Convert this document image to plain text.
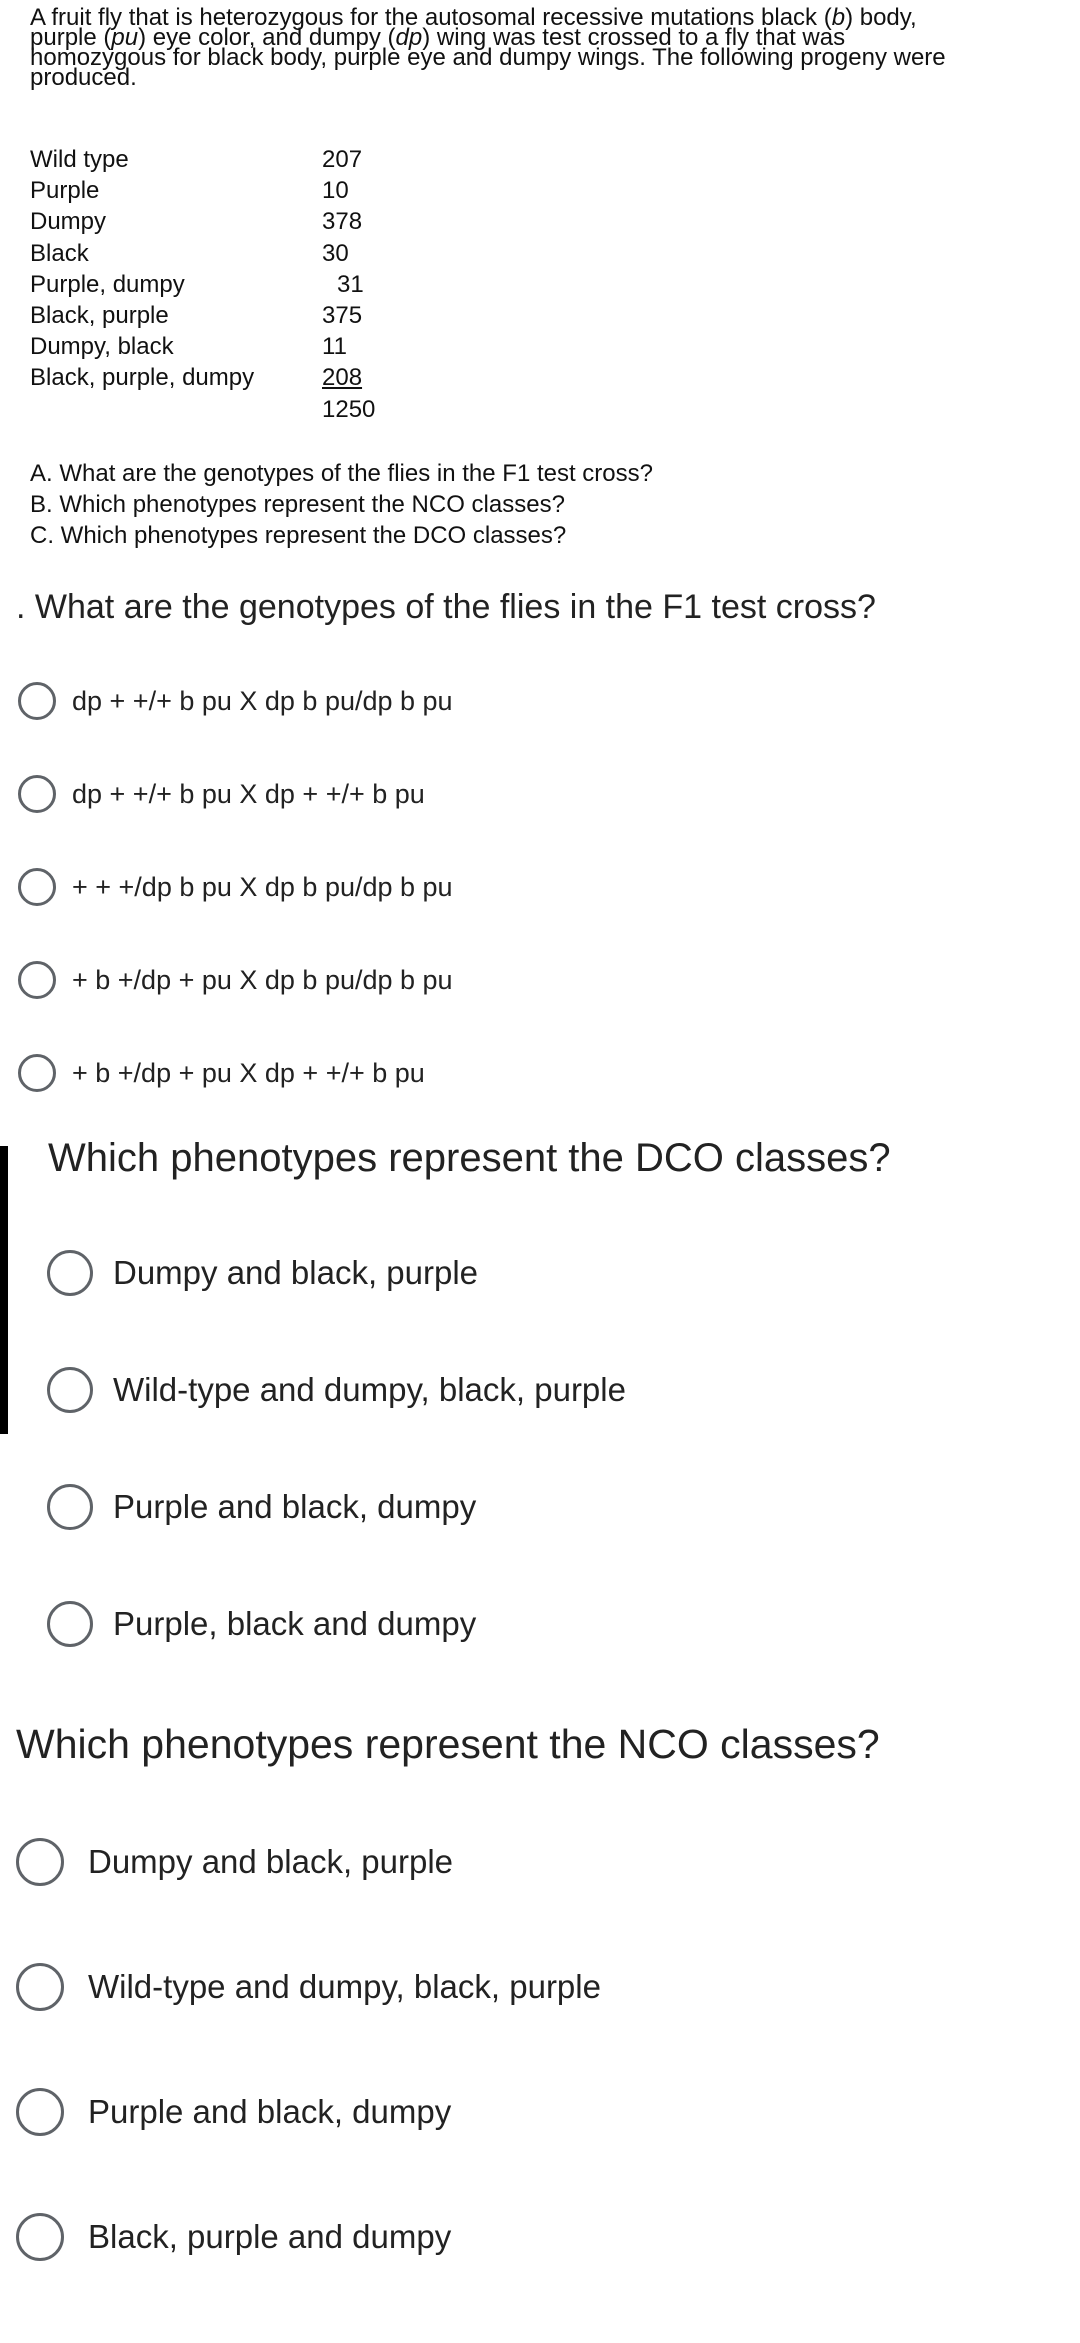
A fruit fly that is heterozygous for the autosomal recessive mutations black (b) body,

purple (pu) eye color, and dumpy (dp) wing was test crossed to a fly that was

homozygous for black body, purple eye and dumpy wings. The following progeny were

produced.

Wild type	207
Purple	10
Dumpy	378
Black	30
Purple, dumpy	31
Black, purple	375
Dumpy, black	11
Black, purple, dumpy	208
1250
A. What are the genotypes of the flies in the F1 test cross?
B. Which phenotypes represent the NCO classes?
C. Which phenotypes represent the DCO classes?
. What are the genotypes of the flies in the F1 test cross?
dp + +/+ b pu X dp b pu/dp b pu
dp + +/+ b pu X dp + +/+ b pu
+ + +/dp b pu X dp b pu/dp b pu
+ b +/dp + pu X dp b pu/dp b pu
+ b +/dp + pu X dp + +/+ b pu
Which phenotypes represent the DCO classes?
Dumpy and black, purple
Wild-type and dumpy, black, purple
Purple and black, dumpy
Purple, black and dumpy
Which phenotypes represent the NCO classes?
Dumpy and black, purple
Wild-type and dumpy, black, purple
Purple and black, dumpy
Black, purple and dumpy
